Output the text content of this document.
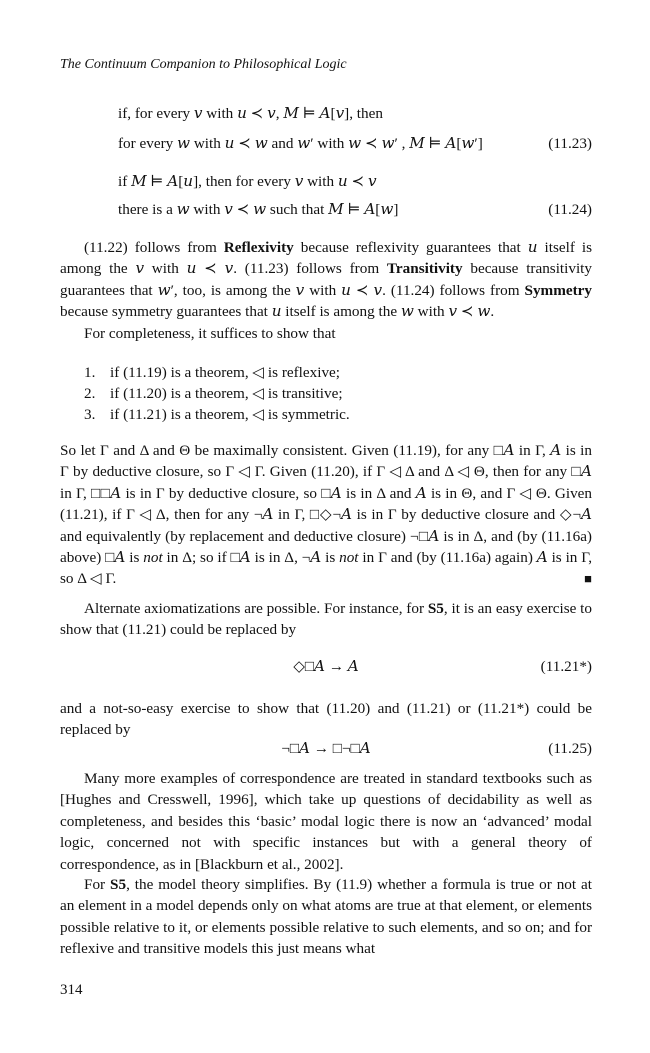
The Continuum Companion to Philosophical Logic
if, for every 𝑣 with 𝑢 ≺ 𝑣, 𝑀 ⊨ 𝐴[𝑣], then
for every 𝑤 with 𝑢 ≺ 𝑤 and 𝑤′ with 𝑤 ≺ 𝑤′ , 𝑀 ⊨ 𝐴[𝑤′]	(11.23)
if 𝑀 ⊨ 𝐴[𝑢], then for every 𝑣 with 𝑢 ≺ 𝑣
there is a 𝑤 with 𝑣 ≺ 𝑤 such that 𝑀 ⊨ 𝐴[𝑤]	(11.24)

(11.22) follows from Reflexivity because reflexivity guarantees that 𝑢 itself is among the 𝑣 with 𝑢 ≺ 𝑣. (11.23) follows from Transitivity because transitivity guarantees that 𝑤′, too, is among the 𝑣 with 𝑢 ≺ 𝑣. (11.24) follows from Symmetry because symmetry guarantees that 𝑢 itself is among the 𝑤 with 𝑣 ≺ 𝑤.

For completeness, it suffices to show that

1. if (11.19) is a theorem, ◁ is reflexive;
2. if (11.20) is a theorem, ◁ is transitive;
3. if (11.21) is a theorem, ◁ is symmetric.

So let Γ and Δ and Θ be maximally consistent. Given (11.19), for any □𝐴 in Γ, 𝐴 is in Γ by deductive closure, so Γ ◁ Γ. Given (11.20), if Γ ◁ Δ and Δ ◁ Θ, then for any □𝐴 in Γ, □□𝐴 is in Γ by deductive closure, so □𝐴 is in Δ and 𝐴 is in Θ, and Γ ◁ Θ. Given (11.21), if Γ ◁ Δ, then for any ¬𝐴 in Γ, □◇¬𝐴 is in Γ by deductive closure and ◇¬𝐴 and equivalently (by replacement and deductive closure) ¬□𝐴 is in Δ, and (by (11.16a) above) □𝐴 is not in Δ; so if □𝐴 is in Δ, ¬𝐴 is not in Γ and (by (11.16a) again) 𝐴 is in Γ, so Δ ◁ Γ.	■

Alternate axiomatizations are possible. For instance, for S5, it is an easy exercise to show that (11.21) could be replaced by

◇□𝐴 → 𝐴	(11.21*)

and a not-so-easy exercise to show that (11.20) and (11.21) or (11.21*) could be replaced by

¬□𝐴 → □¬□𝐴	(11.25)

Many more examples of correspondence are treated in standard textbooks such as [Hughes and Cresswell, 1996], which take up questions of decidability as well as completeness, and besides this ‘basic’ modal logic there is now an ‘advanced’ modal logic, concerned not with specific instances but with a general theory of correspondence, as in [Blackburn et al., 2002].

For S5, the model theory simplifies. By (11.9) whether a formula is true or not at an element in a model depends only on what atoms are true at that element, or elements possible relative to it, or elements possible relative to such elements, and so on; and for reflexive and transitive models this just means what

314
